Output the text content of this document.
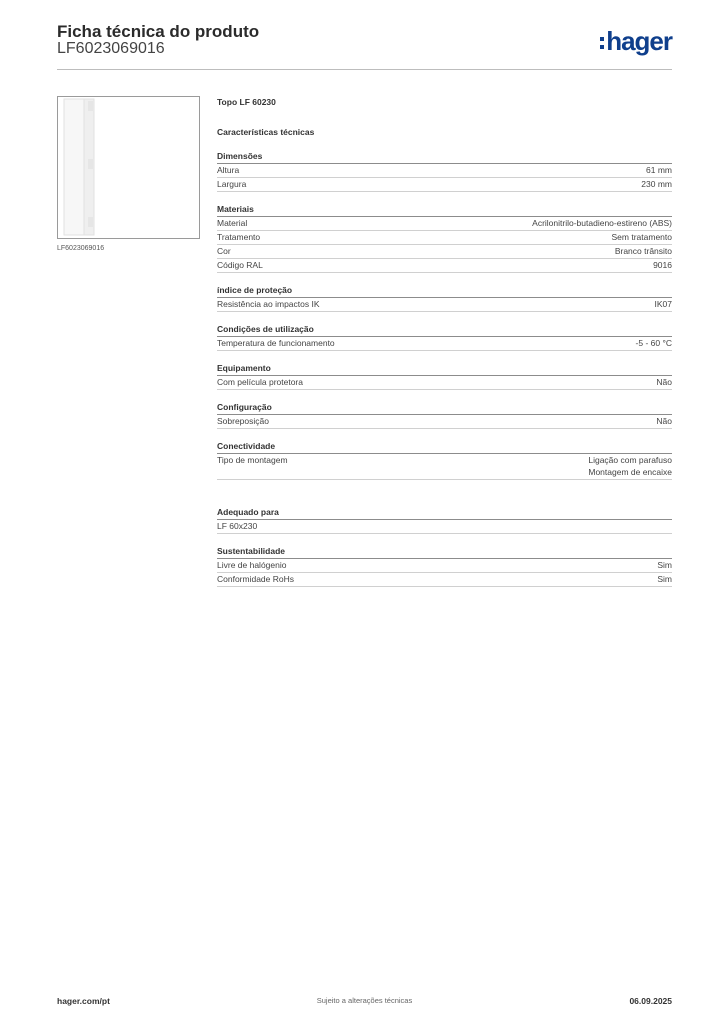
Ficha técnica do produto
LF6023069016	hager
LF6023069016
Topo LF 60230
Características técnicas
Dimensões
Altura	61 mm
Largura	230 mm
Materiais
Material	Acrilonitrilo-butadieno-estireno (ABS)
Tratamento	Sem tratamento
Cor	Branco trânsito
Código RAL	9016
índice de proteção
Resistência ao impactos IK	IK07
Condições de utilização
Temperatura de funcionamento	-5 - 60 °C
Equipamento
Com película protetora	Não
Configuração
Sobreposição	Não
Conectividade
Tipo de montagem	Ligação com parafuso
Montagem de encaixe
Adequado para
LF 60x230
Sustentabilidade
Livre de halógenio	Sim
Conformidade RoHs	Sim
hager.com/pt	Sujeito a alterações técnicas	06.09.2025
